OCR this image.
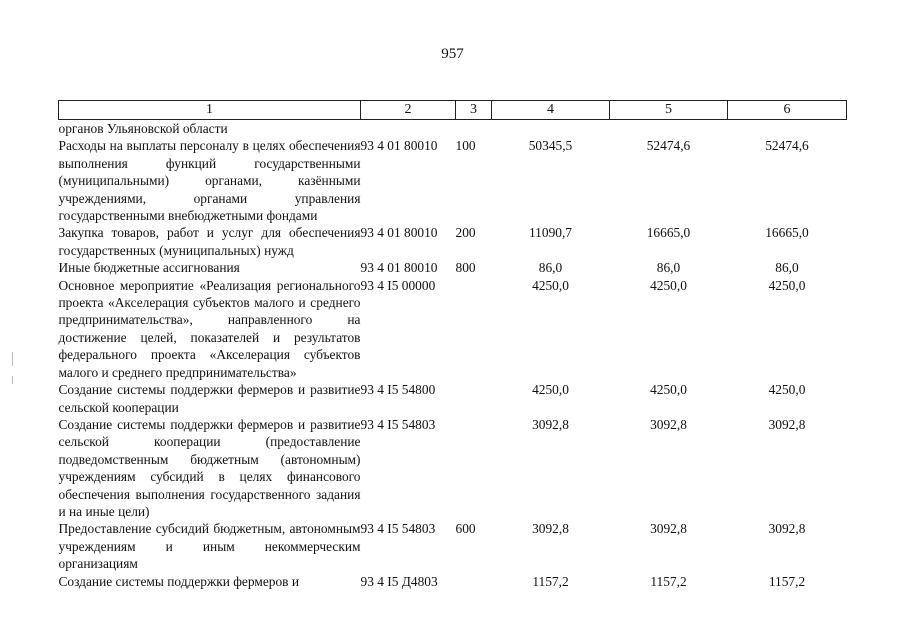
957
1	2	3	4	5	6
органов Ульяновской области					
Расходы на выплаты персоналу в целях обеспечения выполнения функций государственными (муниципальными) органами, казёнными учреждениями, органами управления государственными внебюджетными фондами	93 4 01 80010	100	50345,5	52474,6	52474,6
Закупка товаров, работ и услуг для обеспечения государственных (муниципальных) нужд	93 4 01 80010	200	11090,7	16665,0	16665,0
Иные бюджетные ассигнования	93 4 01 80010	800	86,0	86,0	86,0
Основное мероприятие «Реализация регионального проекта «Акселерация субъектов малого и среднего предпринимательства», направленного на достижение целей, показателей и результатов федерального проекта «Акселерация субъектов малого и среднего предпринимательства»	93 4 I5 00000		4250,0	4250,0	4250,0
Создание системы поддержки фермеров и развитие сельской кооперации	93 4 I5 54800		4250,0	4250,0	4250,0
Создание системы поддержки фермеров и развитие сельской кооперации (предоставление подведомственным бюджетным (автономным) учреждениям субсидий в целях финансового обеспечения выполнения государственного задания и на иные цели)	93 4 I5 54803		3092,8	3092,8	3092,8
Предоставление субсидий бюджетным, автономным учреждениям и иным некоммерческим организациям	93 4 I5 54803	600	3092,8	3092,8	3092,8
Создание системы поддержки фермеров и	93 4 I5 Д4803		1157,2	1157,2	1157,2
